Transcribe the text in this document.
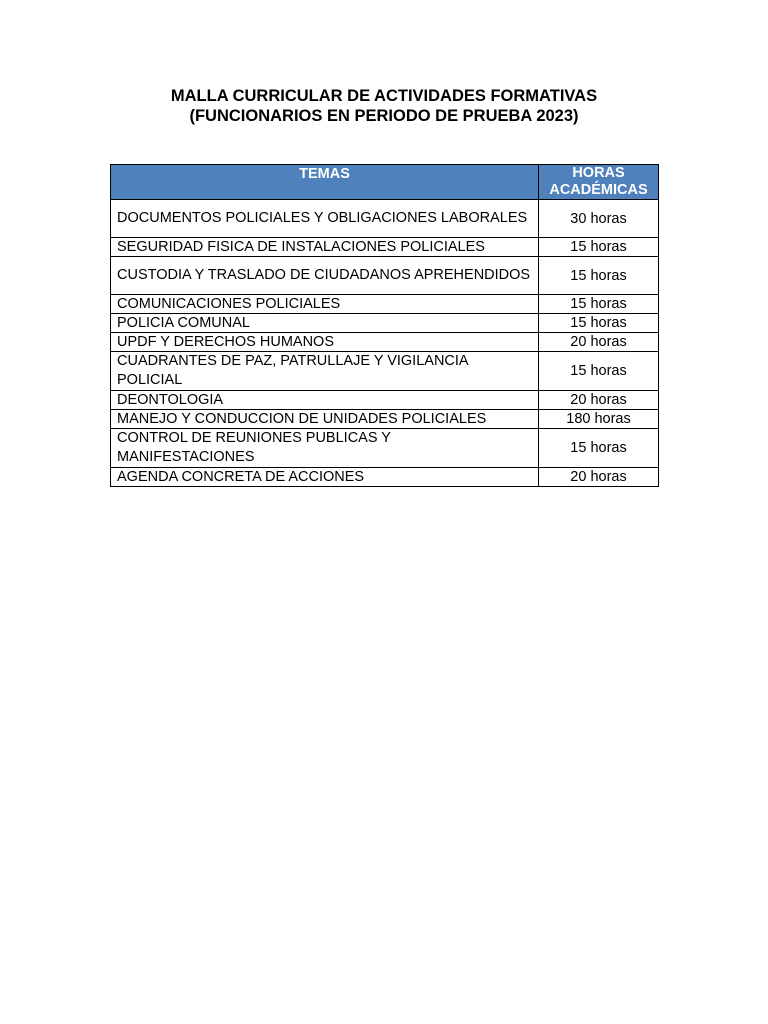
MALLA CURRICULAR DE ACTIVIDADES FORMATIVAS
(FUNCIONARIOS EN PERIODO DE PRUEBA 2023)
TEMAS	HORAS
ACADÉMICAS

DOCUMENTOS POLICIALES Y OBLIGACIONES LABORALES	30 horas
SEGURIDAD FISICA DE INSTALACIONES POLICIALES	15 horas
CUSTODIA Y TRASLADO DE CIUDADANOS APREHENDIDOS	15 horas
COMUNICACIONES POLICIALES	15 horas
POLICIA COMUNAL	15 horas
UPDF Y DERECHOS HUMANOS	20 horas
CUADRANTES DE PAZ, PATRULLAJE Y VIGILANCIA POLICIAL	15 horas
DEONTOLOGIA	20 horas
MANEJO Y CONDUCCION DE UNIDADES POLICIALES	180 horas
CONTROL DE REUNIONES PUBLICAS Y MANIFESTACIONES	15 horas
AGENDA CONCRETA DE ACCIONES	20 horas
